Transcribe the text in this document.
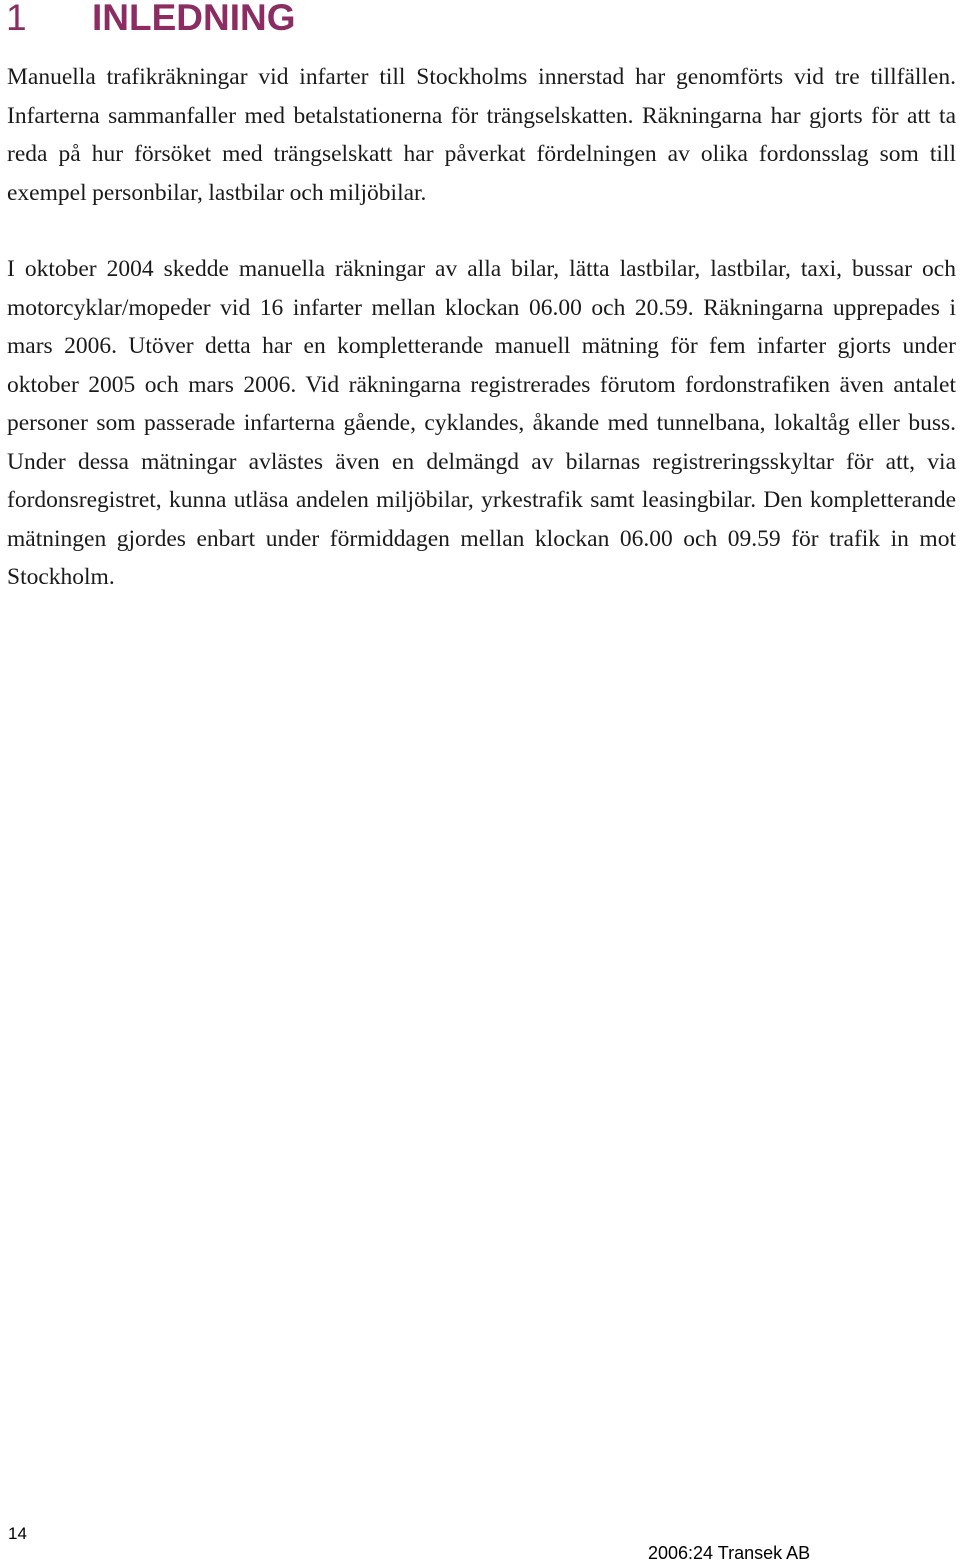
1 INLEDNING

Manuella trafikräkningar vid infarter till Stockholms innerstad har genomförts vid tre tillfällen. Infarterna sammanfaller med betalstationerna för trängselskatten. Räkningarna har gjorts för att ta reda på hur försöket med trängselskatt har påverkat fördelningen av olika fordonsslag som till exempel personbilar, lastbilar och miljöbilar.

I oktober 2004 skedde manuella räkningar av alla bilar, lätta lastbilar, lastbilar, taxi, bussar och motorcyklar/mopeder vid 16 infarter mellan klockan 06.00 och 20.59. Räkningarna upprepades i mars 2006. Utöver detta har en kompletterande manuell mätning för fem infarter gjorts under oktober 2005 och mars 2006. Vid räkningarna registrerades förutom fordonstrafiken även antalet personer som passerade infarterna gående, cyklandes, åkande med tunnelbana, lokaltåg eller buss. Under dessa mätningar avlästes även en delmängd av bilarnas registreringsskyltar för att, via fordonsregistret, kunna utläsa andelen miljöbilar, yrkestrafik samt leasingbilar. Den kompletterande mätningen gjordes enbart under förmiddagen mellan klockan 06.00 och 09.59 för trafik in mot Stockholm.

14
2006:24 Transek AB
